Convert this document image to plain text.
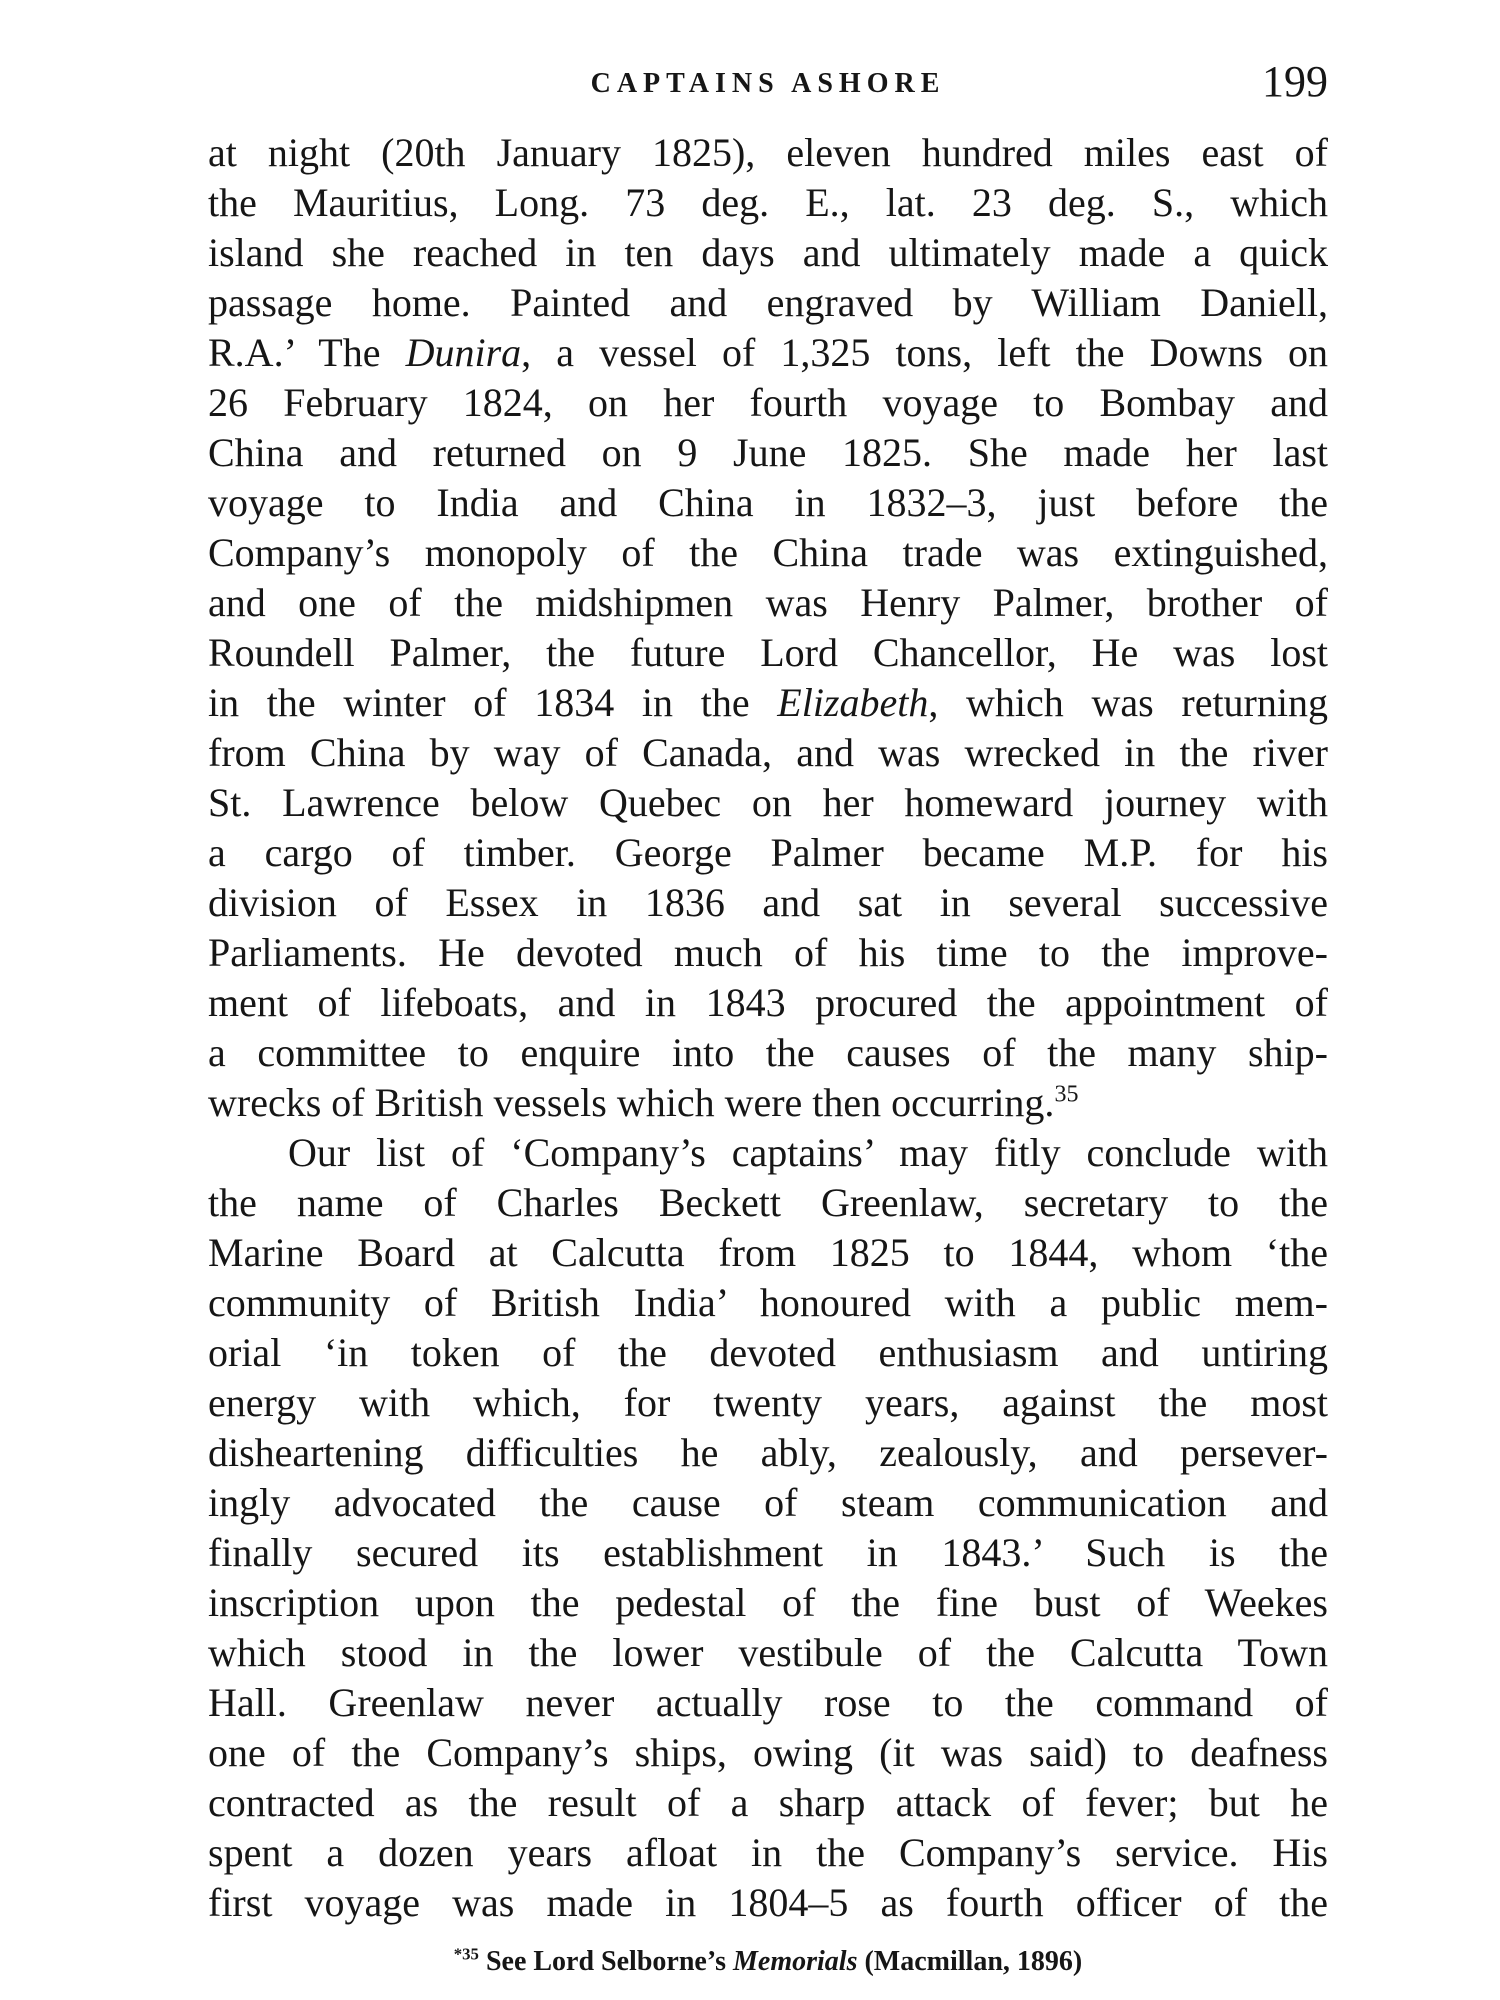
CAPTAINS ASHORE	199
at night (20th January 1825), eleven hundred miles east of
the Mauritius, Long. 73 deg. E., lat. 23 deg. S., which
island she reached in ten days and ultimately made a quick
passage home. Painted and engraved by William Daniell,
R.A.’ The Dunira, a vessel of 1,325 tons, left the Downs on
26 February 1824, on her fourth voyage to Bombay and
China and returned on 9 June 1825. She made her last
voyage to India and China in 1832–3, just before the
Company’s monopoly of the China trade was extinguished,
and one of the midshipmen was Henry Palmer, brother of
Roundell Palmer, the future Lord Chancellor, He was lost
in the winter of 1834 in the Elizabeth, which was returning
from China by way of Canada, and was wrecked in the river
St. Lawrence below Quebec on her homeward journey with
a cargo of timber. George Palmer became M.P. for his
division of Essex in 1836 and sat in several successive
Parliaments. He devoted much of his time to the improve-
ment of lifeboats, and in 1843 procured the appointment of
a committee to enquire into the causes of the many ship-
wrecks of British vessels which were then occurring.$^{35}$
Our list of ‘Company’s captains’ may fitly conclude with
the name of Charles Beckett Greenlaw, secretary to the
Marine Board at Calcutta from 1825 to 1844, whom ‘the
community of British India’ honoured with a public mem-
orial ‘in token of the devoted enthusiasm and untiring
energy with which, for twenty years, against the most
disheartening difficulties he ably, zealously, and persever-
ingly advocated the cause of steam communication and
finally secured its establishment in 1843.’ Such is the
inscription upon the pedestal of the fine bust of Weekes
which stood in the lower vestibule of the Calcutta Town
Hall. Greenlaw never actually rose to the command of
one of the Company’s ships, owing (it was said) to deafness
contracted as the result of a sharp attack of fever; but he
spent a dozen years afloat in the Company’s service. His
first voyage was made in 1804–5 as fourth officer of the
$^{*35}$ See Lord Selborne’s Memorials (Macmillan, 1896)
